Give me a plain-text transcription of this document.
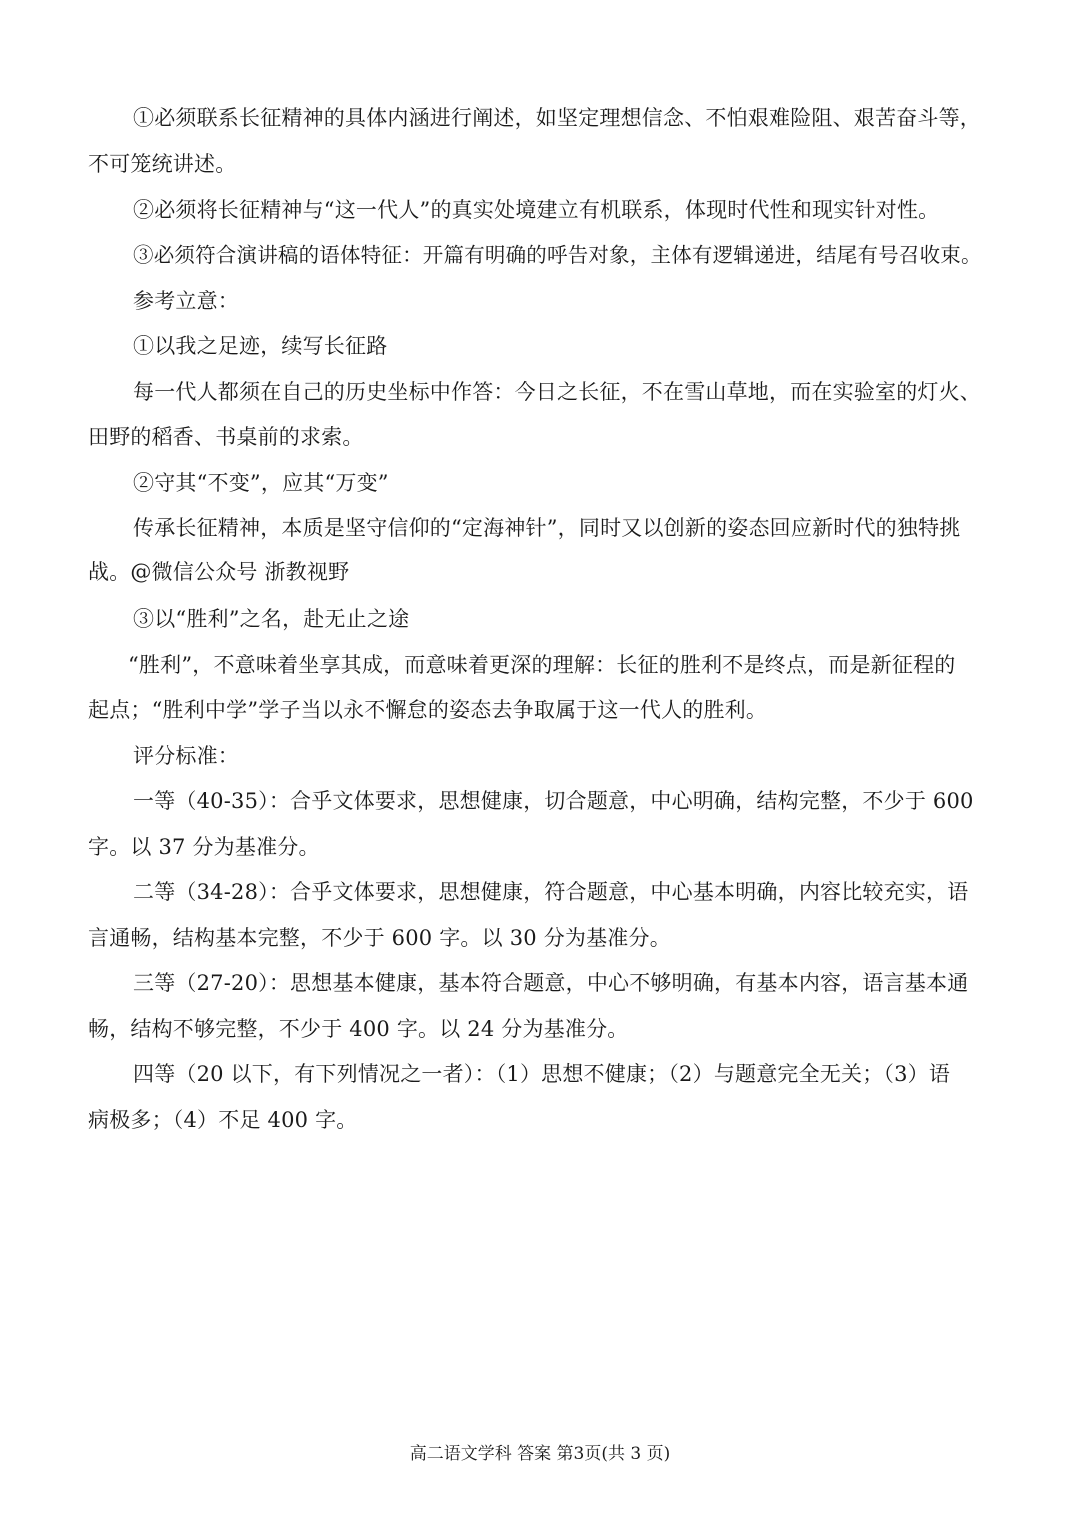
①必须联系长征精神的具体内涵进行阐述，如坚定理想信念、不怕艰难险阻、艰苦奋斗等，
不可笼统讲述。
②必须将长征精神与“这一代人”的真实处境建立有机联系，体现时代性和现实针对性。
③必须符合演讲稿的语体特征：开篇有明确的呼告对象，主体有逻辑递进，结尾有号召收束。
参考立意：
①以我之足迹，续写长征路
每一代人都须在自己的历史坐标中作答：今日之长征，不在雪山草地，而在实验室的灯火、
田野的稻香、书桌前的求索。
②守其“不变”，应其“万变”
传承长征精神，本质是坚守信仰的“定海神针”，同时又以创新的姿态回应新时代的独特挑
战。@微信公众号 浙教视野
③以“胜利”之名，赴无止之途
“胜利”，不意味着坐享其成，而意味着更深的理解：长征的胜利不是终点，而是新征程的
起点；“胜利中学”学子当以永不懈怠的姿态去争取属于这一代人的胜利。
评分标准：
一等（40-35）：合乎文体要求，思想健康，切合题意，中心明确，结构完整，不少于 600
字。以 37 分为基准分。
二等（34-28）：合乎文体要求，思想健康，符合题意，中心基本明确，内容比较充实，语
言通畅，结构基本完整，不少于 600 字。以 30 分为基准分。
三等（27-20）：思想基本健康，基本符合题意，中心不够明确，有基本内容，语言基本通
畅，结构不够完整，不少于 400 字。以 24 分为基准分。
四等（20 以下，有下列情况之一者）：（1）思想不健康；（2）与题意完全无关；（3）语
病极多；（4）不足 400 字。
高二语文学科 答案 第3页(共 3 页)
